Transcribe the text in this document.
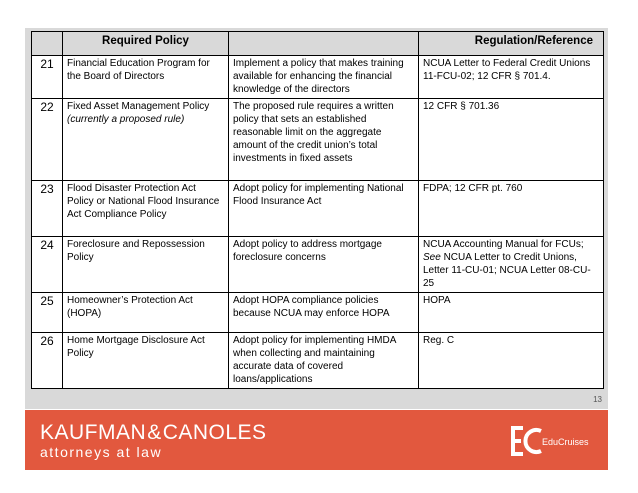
	Required Policy		Regulation/Reference
21	Financial Education Program for the Board of Directors	Implement a policy that makes training available for enhancing the financial knowledge of the directors	NCUA Letter to Federal Credit Unions 11-FCU-02; 12 CFR § 701.4.
22	Fixed Asset Management Policy (currently a proposed rule)	The proposed rule requires a written policy that sets an established reasonable limit on the aggregate amount of the credit union’s total investments in fixed assets	12 CFR § 701.36
23	Flood Disaster Protection Act Policy or National Flood Insurance Act Compliance Policy	Adopt policy for implementing National Flood Insurance Act	FDPA; 12 CFR pt. 760
24	Foreclosure and Repossession Policy	Adopt policy to address mortgage foreclosure concerns	NCUA Accounting Manual for FCUs; See NCUA Letter to Credit Unions, Letter 11-CU-01; NCUA Letter 08-CU-25
25	Homeowner’s Protection Act (HOPA)	Adopt HOPA compliance policies because NCUA may enforce HOPA	HOPA
26	Home Mortgage Disclosure Act Policy	Adopt policy for implementing HMDA when collecting and maintaining accurate data of covered loans/applications	Reg. C
13
KAUFMAN&CANOLES
attorneys at law
EduCruises
